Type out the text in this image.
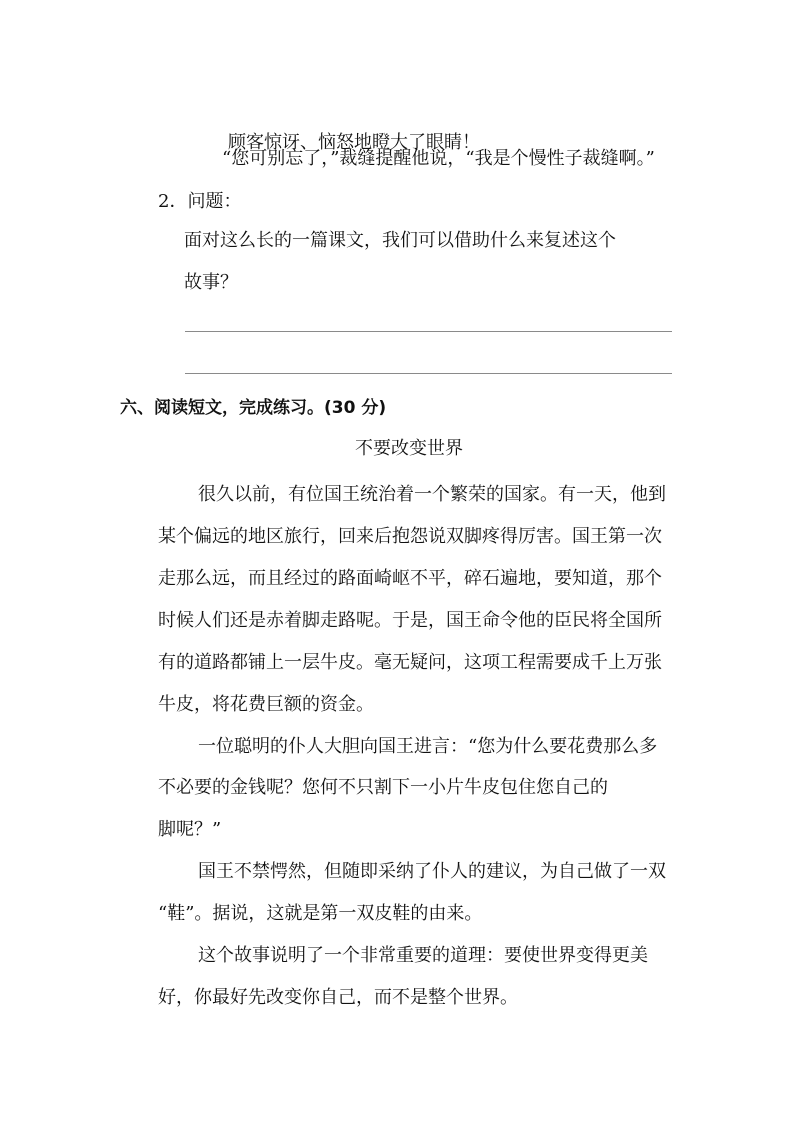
顾客惊讶、恼怒地瞪大了眼睛！
“您可别忘了，”裁缝提醒他说，“我是个慢性子裁缝啊。”
2．问题：
面对这么长的一篇课文，我们可以借助什么来复述这个
故事？
六、阅读短文，完成练习。(30 分)
不要改变世界
很久以前，有位国王统治着一个繁荣的国家。有一天，他到
某个偏远的地区旅行，回来后抱怨说双脚疼得厉害。国王第一次
走那么远，而且经过的路面崎岖不平，碎石遍地，要知道，那个
时候人们还是赤着脚走路呢。于是，国王命令他的臣民将全国所
有的道路都铺上一层牛皮。毫无疑问，这项工程需要成千上万张
牛皮，将花费巨额的资金。
一位聪明的仆人大胆向国王进言：“您为什么要花费那么多
不必要的金钱呢？您何不只割下一小片牛皮包住您自己的
脚呢？”
国王不禁愕然，但随即采纳了仆人的建议，为自己做了一双
“鞋”。据说，这就是第一双皮鞋的由来。
这个故事说明了一个非常重要的道理：要使世界变得更美
好，你最好先改变你自己，而不是整个世界。
